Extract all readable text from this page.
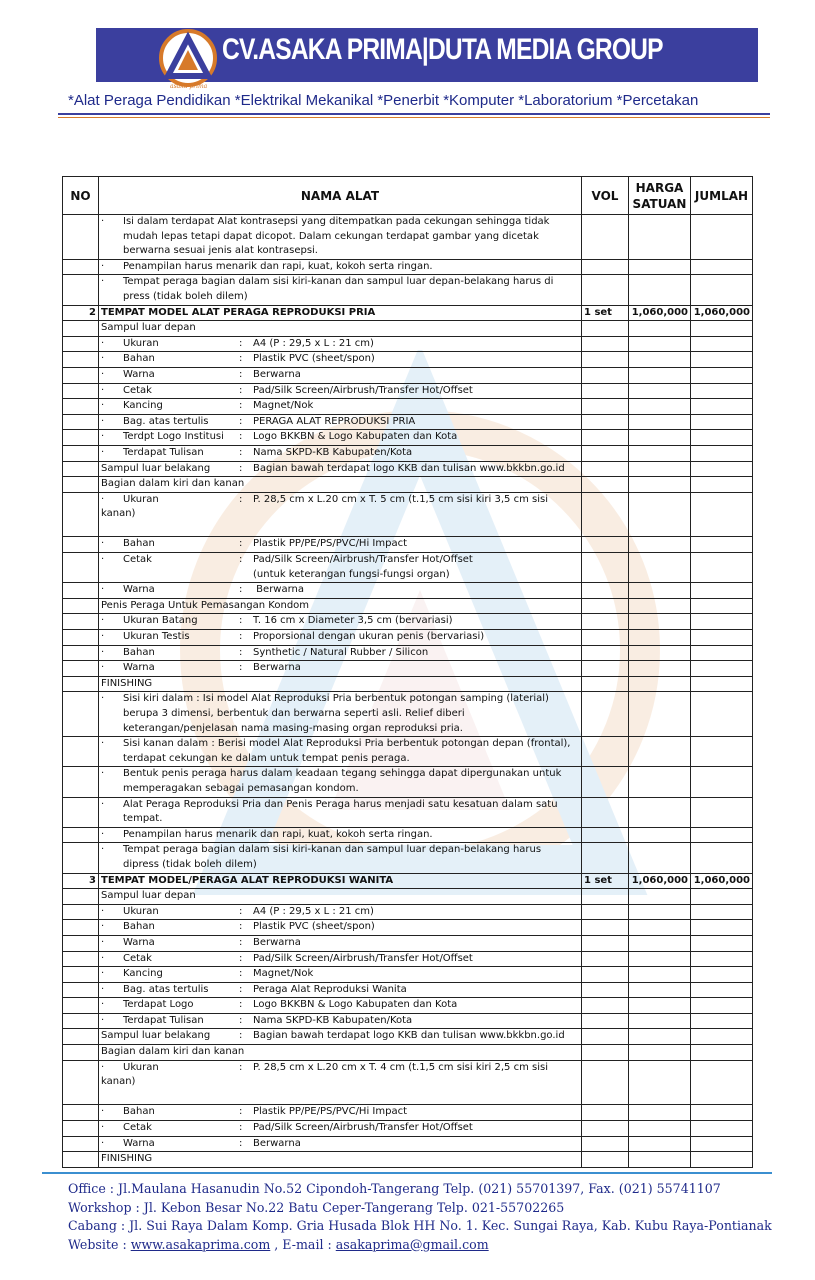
asaka prima
CV.ASAKA PRIMA|DUTA MEDIA GROUP
*Alat Peraga Pendidikan *Elektrikal Mekanikal *Penerbit *Komputer *Laboratorium *Percetakan
NO	NAMA ALAT	VOL	HARGA SATUAN	JUMLAH

	· Isi dalam terdapat Alat kontrasepsi yang ditempatkan pada cekungan sehingga tidak mudah lepas tetapi dapat dicopot. Dalam cekungan terdapat gambar yang dicetak berwarna sesuai jenis alat kontrasepsi.			

	· Penampilan harus menarik dan rapi, kuat, kokoh serta ringan.			

	· Tempat peraga bagian dalam sisi kiri-kanan dan sampul luar depan-belakang harus di press (tidak boleh dilem)			

2	TEMPAT MODEL ALAT PERAGA REPRODUKSI PRIA	1 set	1,060,000	1,060,000
	Sampul luar depan			
	· Ukuran : A4 (P : 29,5 x L : 21 cm)			
	· Bahan : Plastik PVC (sheet/spon)			
	· Warna : Berwarna			
	· Cetak : Pad/Silk Screen/Airbrush/Transfer Hot/Offset			
	· Kancing : Magnet/Nok			
	· Bag. atas tertulis : PERAGA ALAT REPRODUKSI PRIA			
	· Terdpt Logo Institusi : Logo BKKBN & Logo Kabupaten dan Kota			
	· Terdapat Tulisan : Nama SKPD-KB Kabupaten/Kota			
	Sampul luar belakang : Bagian bawah terdapat logo KKB dan tulisan www.bkkbn.go.id			
	Bagian dalam kiri dan kanan			
	· Ukuran : P. 28,5 cm x L.20 cm x T. 5 cm (t.1,5 cm sisi kiri 3,5 cm sisi kanan)

	· Bahan : Plastik PP/PE/PS/PVC/Hi Impact			
	· Cetak : Pad/Silk Screen/Airbrush/Transfer Hot/Offset
(untuk keterangan fungsi-fungsi organ)			
	· Warna : Berwarna			
	Penis Peraga Untuk Pemasangan Kondom			
	· Ukuran Batang : T. 16 cm x Diameter 3,5 cm (bervariasi)			
	· Ukuran Testis : Proporsional dengan ukuran penis (bervariasi)			
	· Bahan : Synthetic / Natural Rubber / Silicon			
	· Warna : Berwarna			
	FINISHING			

	· Sisi kiri dalam : Isi model Alat Reproduksi Pria berbentuk potongan samping (laterial) berupa 3 dimensi, berbentuk dan berwarna seperti asli. Relief diberi keterangan/penjelasan nama masing-masing organ reproduksi pria.			

	· Sisi kanan dalam : Berisi model Alat Reproduksi Pria berbentuk potongan depan (frontal), terdapat cekungan ke dalam untuk tempat penis peraga.			

	· Bentuk penis peraga harus dalam keadaan tegang sehingga dapat dipergunakan untuk memperagakan sebagai pemasangan kondom.			

	· Alat Peraga Reproduksi Pria dan Penis Peraga harus menjadi satu kesatuan dalam satu tempat.			

	· Penampilan harus menarik dan rapi, kuat, kokoh serta ringan.			

	· Tempat peraga bagian dalam sisi kiri-kanan dan sampul luar depan-belakang harus dipress (tidak boleh dilem)			

3	TEMPAT MODEL/PERAGA ALAT REPRODUKSI WANITA	1 set	1,060,000	1,060,000
	Sampul luar depan			
	· Ukuran : A4 (P : 29,5 x L : 21 cm)			
	· Bahan : Plastik PVC (sheet/spon)			
	· Warna : Berwarna			
	· Cetak : Pad/Silk Screen/Airbrush/Transfer Hot/Offset			
	· Kancing : Magnet/Nok			
	· Bag. atas tertulis : Peraga Alat Reproduksi Wanita			
	· Terdapat Logo : Logo BKKBN & Logo Kabupaten dan Kota			
	· Terdapat Tulisan : Nama SKPD-KB Kabupaten/Kota			
	Sampul luar belakang : Bagian bawah terdapat logo KKB dan tulisan www.bkkbn.go.id			
	Bagian dalam kiri dan kanan			
	· Ukuran : P. 28,5 cm x L.20 cm x T. 4 cm (t.1,5 cm sisi kiri 2,5 cm sisi kanan)

	· Bahan : Plastik PP/PE/PS/PVC/Hi Impact			
	· Cetak : Pad/Silk Screen/Airbrush/Transfer Hot/Offset			
	· Warna : Berwarna			
	FINISHING			
Office : Jl.Maulana Hasanudin No.52 Cipondoh-Tangerang Telp. (021) 55701397, Fax. (021) 55741107
Workshop : Jl. Kebon Besar No.22 Batu Ceper-Tangerang Telp. 021-55702265
Cabang : Jl. Sui Raya Dalam Komp. Gria Husada Blok HH No. 1. Kec. Sungai Raya, Kab. Kubu Raya-Pontianak
Website : www.asakaprima.com , E-mail : asakaprima@gmail.com
